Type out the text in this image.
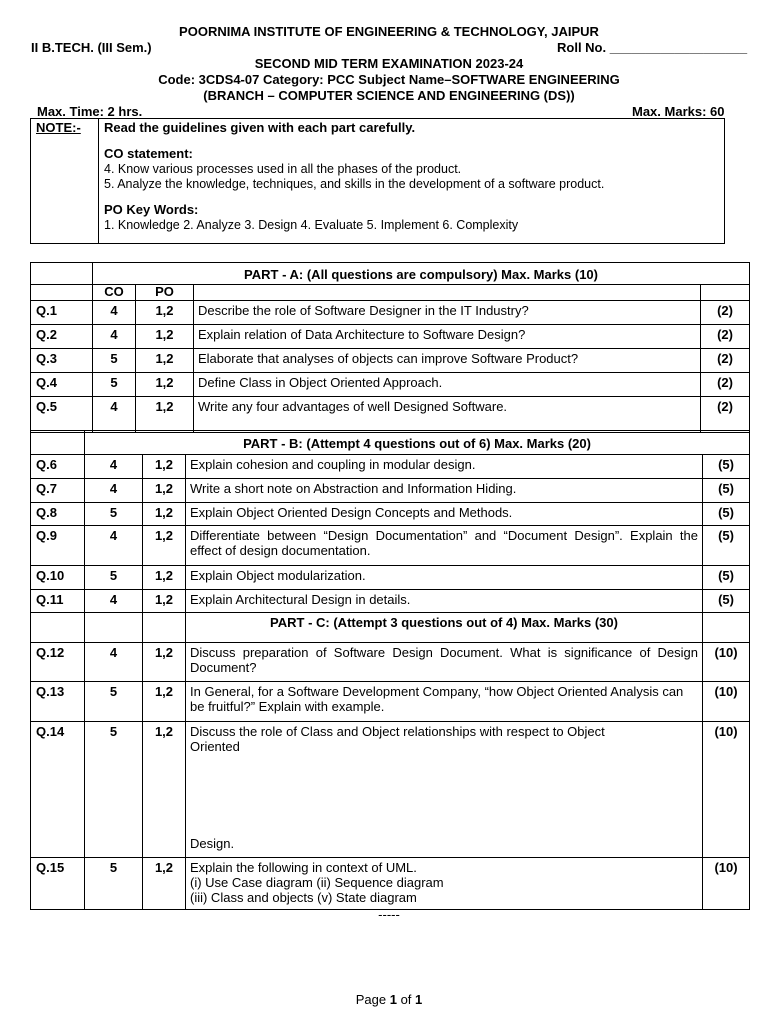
POORNIMA INSTITUTE OF ENGINEERING & TECHNOLOGY, JAIPUR
II B.TECH. (III Sem.)	Roll No. ___________________
SECOND MID TERM EXAMINATION 2023-24
Code: 3CDS4-07 Category: PCC Subject Name–SOFTWARE ENGINEERING
(BRANCH – COMPUTER SCIENCE AND ENGINEERING (DS))
Max. Time: 2 hrs.	Max. Marks: 60
NOTE:- Read the guidelines given with each part carefully.
CO statement:
4. Know various processes used in all the phases of the product.
5. Analyze the knowledge, techniques, and skills in the development of a software product.
PO Key Words:
1. Knowledge 2. Analyze 3. Design 4. Evaluate 5. Implement 6. Complexity
	PART - A: (All questions are compulsory) Max. Marks (10)			
	CO	PO		
Q.1	4	1,2	Describe the role of Software Designer in the IT Industry?	(2)
Q.2	4	1,2	Explain relation of Data Architecture to Software Design?	(2)
Q.3	5	1,2	Elaborate that analyses of objects can improve Software Product?	(2)
Q.4	5	1,2	Define Class in Object Oriented Approach.	(2)
Q.5	4	1,2	Write any four advantages of well Designed Software.	(2)
	PART - B: (Attempt 4 questions out of 6) Max. Marks (20)			
Q.6	4	1,2	Explain cohesion and coupling in modular design.	(5)
Q.7	4	1,2	Write a short note on Abstraction and Information Hiding.	(5)
Q.8	5	1,2	Explain Object Oriented Design Concepts and Methods.	(5)
Q.9	4	1,2	Differentiate between “Design Documentation” and “Document Design”. Explain the effect of design documentation.	(5)
Q.10	5	1,2	Explain Object modularization.	(5)
Q.11	4	1,2	Explain Architectural Design in details.	(5)
			PART - C: (Attempt 3 questions out of 4) Max. Marks (30)	
Q.12	4	1,2	Discuss preparation of Software Design Document. What is significance of Design Document?	(10)
Q.13	5	1,2	In General, for a Software Development Company, “how Object Oriented Analysis can be fruitful?” Explain with example.	(10)
Q.14	5	1,2	Discuss the role of Class and Object relationships with respect to Object Oriented
Design.	(10)
Q.15	5	1,2	Explain the following in context of UML.
(i) Use Case diagram (ii) Sequence diagram
(iii) Class and objects (v) State diagram	(10)
-----
Page 1 of 1
